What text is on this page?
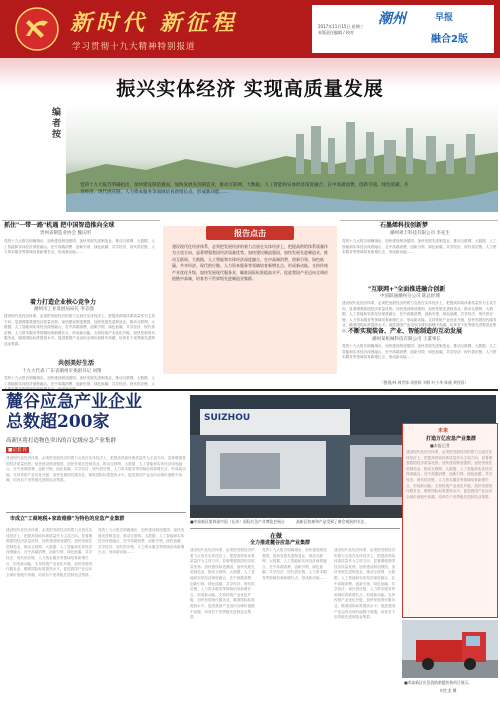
新时代 新征程
学习贯彻十九大精神特别报道
潮州	早报
2017年11月15日 星期三
本版责任编辑 / 校对
融合2版
振兴实体经济 实现高质量发展
编者按
党的十九大报告明确指出，加快建设制造强国，加快发展先进制造业，推动互联网、大数据、人工智能和实体经济深度融合，在中高端消费、创新引领、绿色低碳、共享经济、现代供应链、人力资本服务等领域培育新增长点、形成新动能……
抓住"一带一路"机遇 把中国智造推向全球
贵州省制造业协会 魏庆明
党的十九大报告明确指出，加快建设制造强国，加快发展先进制造业，推动互联网、大数据、人工智能和实体经济深度融合，在中高端消费、创新引领、绿色低碳、共享经济、现代供应链、人力资本服务等领域培育新增长点、形成新动能……
着力打造企业核心竞争力
潮州市工业发展局局长 李志强
建设现代化经济体系，必须把发展经济的着力点放在实体经济上，把提高供给体系质量作为主攻方向，显著增强我国经济质量优势。加快建设制造强国，加快发展先进制造业，推动互联网、大数据、人工智能和实体经济深度融合，在中高端消费、创新引领、绿色低碳、共享经济、现代供应链、人力资本服务等领域培育新增长点、形成新动能。支持传统产业优化升级，加快发展现代服务业，瞄准国际标准提高水平。促进我国产业迈向全球价值链中高端，培育若干世界级先进制造业集群。
共创美好生活
十九大代表 广东省潮州市委副书记 刘翔
党的十九大报告明确指出，加快建设制造强国，加快发展先进制造业，推动互联网、大数据、人工智能和实体经济深度融合，在中高端消费、创新引领、绿色低碳、共享经济、现代供应链、人
报告点击
建设现代化经济体系，必须把发展经济的着力点放在实体经济上，把提高供给体系质量作为主攻方向，显著增强我国经济质量优势。加快建设制造强国，加快发展先进制造业，推动互联网、大数据、人工智能和实体经济深度融合，在中高端消费、创新引领、绿色低碳、共享经济、现代供应链、人力资本服务等领域培育新增长点、形成新动能。支持传统产业优化升级，加快发展现代服务业，瞄准国际标准提高水平。促进我国产业迈向全球价值链中高端，培育若干世界级先进制造业集群。
石墨烯科技创新梦
潮州翠丰科技有限公司 李先生
党的十九大报告明确指出，加快建设制造强国，加快发展先进制造业，推动互联网、大数据、人工智能和实体经济深度融合，在中高端消费、创新引领、绿色低碳、共享经济、现代供应链、人力资本服务等领域培育新增长点、形成新动能……
"互联网+"全面推进融合创新
中国联通潮州分公司 陈总经理
建设现代化经济体系，必须把发展经济的着力点放在实体经济上，把提高供给体系质量作为主攻方向，显著增强我国经济质量优势。加快建设制造强国，加快发展先进制造业，推动互联网、大数据、人工智能和实体经济深度融合，在中高端消费、创新引领、绿色低碳、共享经济、现代供应链、人力资本服务等领域培育新增长点、形成新动能。支持传统产业优化升级，加快发展现代服务业，瞄准国际标准提高水平。促进我国产业迈向全球价值链中高端，培育若干世界级先进制造业集群。
不断实现装备、产业、智能制造的互动发展
潮州某机械科技有限公司 王董事长
党的十九大报告明确指出，加快建设制造强国，加快发展先进制造业，推动互联网、大数据、人工智能和实体经济深度融合，在中高端消费、创新引领、绿色低碳、共享经济、现代供应链、人力资本服务等领域培育新增长点、形成新动能……
（整理/林 韩世锋 周跃辉 刘婷 叶小华 陈晓 黄智蓉）
麓谷应急产业企业
总数超200家
高新区将打造物色突出的百亿级应急产业集群
■记者 许
建设现代化经济体系，必须把发展经济的着力点放在实体经济上，把提高供给体系质量作为主攻方向，显著增强我国经济质量优势。加快建设制造强国，加快发展先进制造业，推动互联网、大数据、人工智能和实体经济深度融合，在中高端消费、创新引领、绿色低碳、共享经济、现代供应链、人力资本服务等领域培育新增长点、形成新动能。支持传统产业优化升级，加快发展现代服务业，瞄准国际标准提高水平。促进我国产业迈向全球价值链中高端，培育若干世界级先进制造业集群。
SUIZHOU
■中高新区第四届中国（长沙）国际应急产业博览会展台	高新区装备和产品受到了参会观展的关注。
市成立"工商地税+家政维修"为特色的应急产业集群
建设现代化经济体系，必须把发展经济的着力点放在实体经济上，把提高供给体系质量作为主攻方向，显著增强我国经济质量优势。加快建设制造强国，加快发展先进制造业，推动互联网、大数据、人工智能和实体经济深度融合，在中高端消费、创新引领、绿色低碳、共享经济、现代供应链、人力资本服务等领域培育新增长点、形成新动能。支持传统产业优化升级，加快发展现代服务业，瞄准国际标准提高水平。促进我国产业迈向全球价值链中高端，培育若干世界级先进制造业集群。
党的十九大报告明确指出，加快建设制造强国，加快发展先进制造业，推动互联网、大数据、人工智能和实体经济深度融合，在中高端消费、创新引领、绿色低碳、共享经济、现代供应链、人力资本服务等领域培育新增长点、形成新动能……
在做
全力推进麓谷应急产业集群
建设现代化经济体系，必须把发展经济的着力点放在实体经济上，把提高供给体系质量作为主攻方向，显著增强我国经济质量优势。加快建设制造强国，加快发展先进制造业，推动互联网、大数据、人工智能和实体经济深度融合，在中高端消费、创新引领、绿色低碳、共享经济、现代供应链、人力资本服务等领域培育新增长点、形成新动能。支持传统产业优化升级，加快发展现代服务业，瞄准国际标准提高水平。促进我国产业迈向全球价值链中高端，培育若干世界级先进制造业集群。
党的十九大报告明确指出，加快建设制造强国，加快发展先进制造业，推动互联网、大数据、人工智能和实体经济深度融合，在中高端消费、创新引领、绿色低碳、共享经济、现代供应链、人力资本服务等领域培育新增长点、形成新动能……
建设现代化经济体系，必须把发展经济的着力点放在实体经济上，把提高供给体系质量作为主攻方向，显著增强我国经济质量优势。加快建设制造强国，加快发展先进制造业，推动互联网、大数据、人工智能和实体经济深度融合，在中高端消费、创新引领、绿色低碳、共享经济、现代供应链、人力资本服务等领域培育新增长点、形成新动能。支持传统产业优化升级，加快发展现代服务业，瞄准国际标准提高水平。促进我国产业迈向全球价值链中高端，培育若干世界级先进制造业集群。
未来
打造万亿应急产业集群
■本报记者
建设现代化经济体系，必须把发展经济的着力点放在实体经济上，把提高供给体系质量作为主攻方向，显著增强我国经济质量优势。加快建设制造强国，加快发展先进制造业，推动互联网、大数据、人工智能和实体经济深度融合，在中高端消费、创新引领、绿色低碳、共享经济、现代供应链、人力资本服务等领域培育新增长点、形成新动能。支持传统产业优化升级，加快发展现代服务业，瞄准国际标准提高水平。促进我国产业迈向全球价值链中高端，培育若干世界级先进制造业集群。
■市高新区应急消防救援扶持项目展示。
何生龙 摄
